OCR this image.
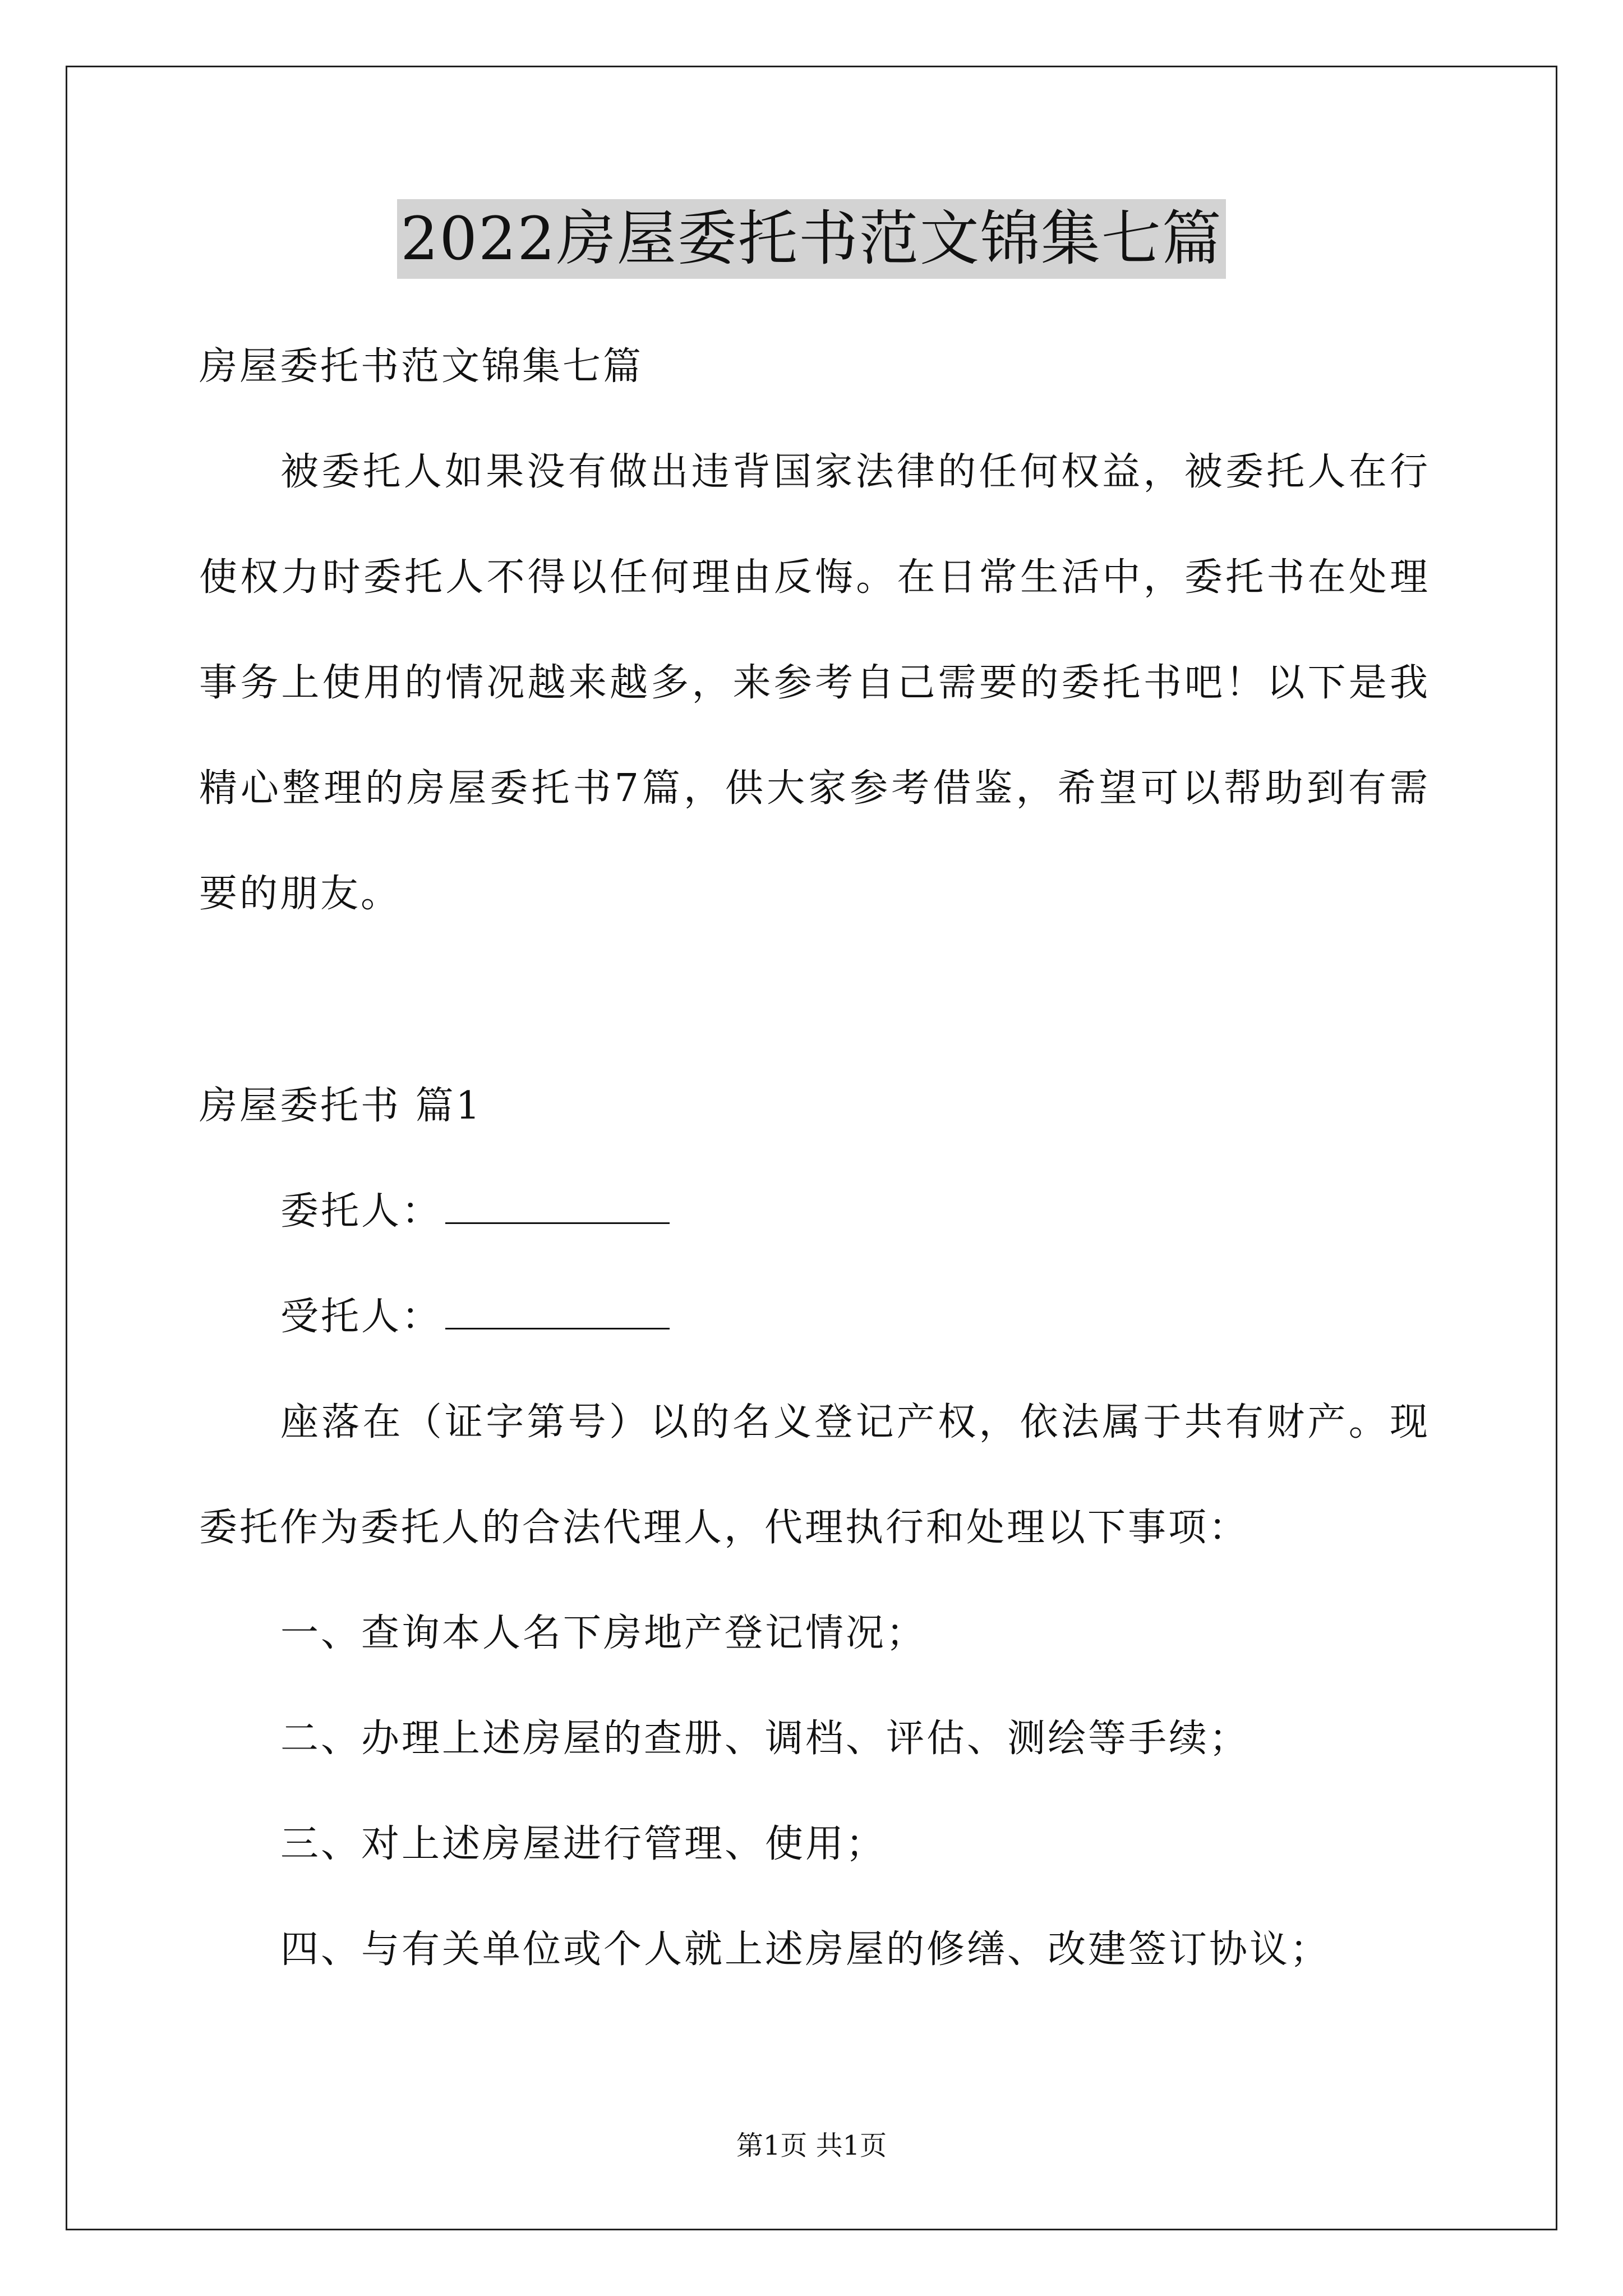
2022房屋委托书范文锦集七篇
房屋委托书范文锦集七篇

被委托人如果没有做出违背国家法律的任何权益，被委托人在行使权力时委托人不得以任何理由反悔。在日常生活中，委托书在处理事务上使用的情况越来越多，来参考自己需要的委托书吧！以下是我精心整理的房屋委托书7篇，供大家参考借鉴，希望可以帮助到有需要的朋友。

房屋委托书 篇1
委托人：
受托人：

座落在（证字第号）以的名义登记产权，依法属于共有财产。现委托作为委托人的合法代理人，代理执行和处理以下事项：

一、查询本人名下房地产登记情况；
二、办理上述房屋的查册、调档、评估、测绘等手续；
三、对上述房屋进行管理、使用；
四、与有关单位或个人就上述房屋的修缮、改建签订协议；
第1页 共1页
